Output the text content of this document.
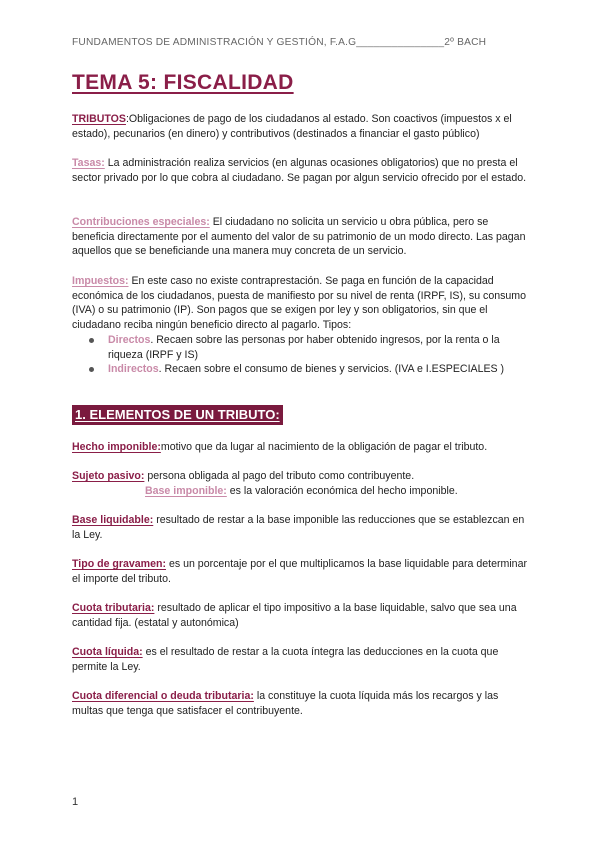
FUNDAMENTOS DE ADMINISTRACIÓN Y GESTIÓN, F.A.G_______________2º BACH
TEMA 5: FISCALIDAD

TRIBUTOS:Obligaciones de pago de los ciudadanos al estado. Son coactivos (impuestos x el estado), pecunarios (en dinero) y contributivos (destinados a financiar el gasto público)

Tasas: La administración realiza servicios (en algunas ocasiones obligatorios) que no presta el sector privado por lo que cobra al ciudadano. Se pagan por algun servicio ofrecido por el estado.

Contribuciones especiales: El ciudadano no solicita un servicio u obra pública, pero se beneficia directamente por el aumento del valor de su patrimonio de un modo directo. Las pagan aquellos que se beneficiande una manera muy concreta de un servicio.

Impuestos: En este caso no existe contraprestación. Se paga en función de la capacidad económica de los ciudadanos, puesta de manifiesto por su nivel de renta (IRPF, IS), su consumo (IVA) o su patrimonio (IP). Son pagos que se exigen por ley y son obligatorios, sin que el ciudadano reciba ningún beneficio directo al pagarlo. Tipos:

Directos. Recaen sobre las personas por haber obtenido ingresos, por la renta o la riqueza (IRPF y IS)
Indirectos. Recaen sobre el consumo de bienes y servicios. (IVA e I.ESPECIALES )
1. ELEMENTOS DE UN TRIBUTO:

Hecho imponible:motivo que da lugar al nacimiento de la obligación de pagar el tributo.

Sujeto pasivo: persona obligada al pago del tributo como contribuyente.

Base imponible: es la valoración económica del hecho imponible.

Base liquidable: resultado de restar a la base imponible las reducciones que se establezcan en la Ley.

Tipo de gravamen: es un porcentaje por el que multiplicamos la base liquidable para determinar el importe del tributo.

Cuota tributaria: resultado de aplicar el tipo impositivo a la base liquidable, salvo que sea una cantidad fija. (estatal y autonómica)

Cuota líquida: es el resultado de restar a la cuota íntegra las deducciones en la cuota que permite la Ley.

Cuota diferencial o deuda tributaria: la constituye la cuota líquida más los recargos y las multas que tenga que satisfacer el contribuyente.

1
